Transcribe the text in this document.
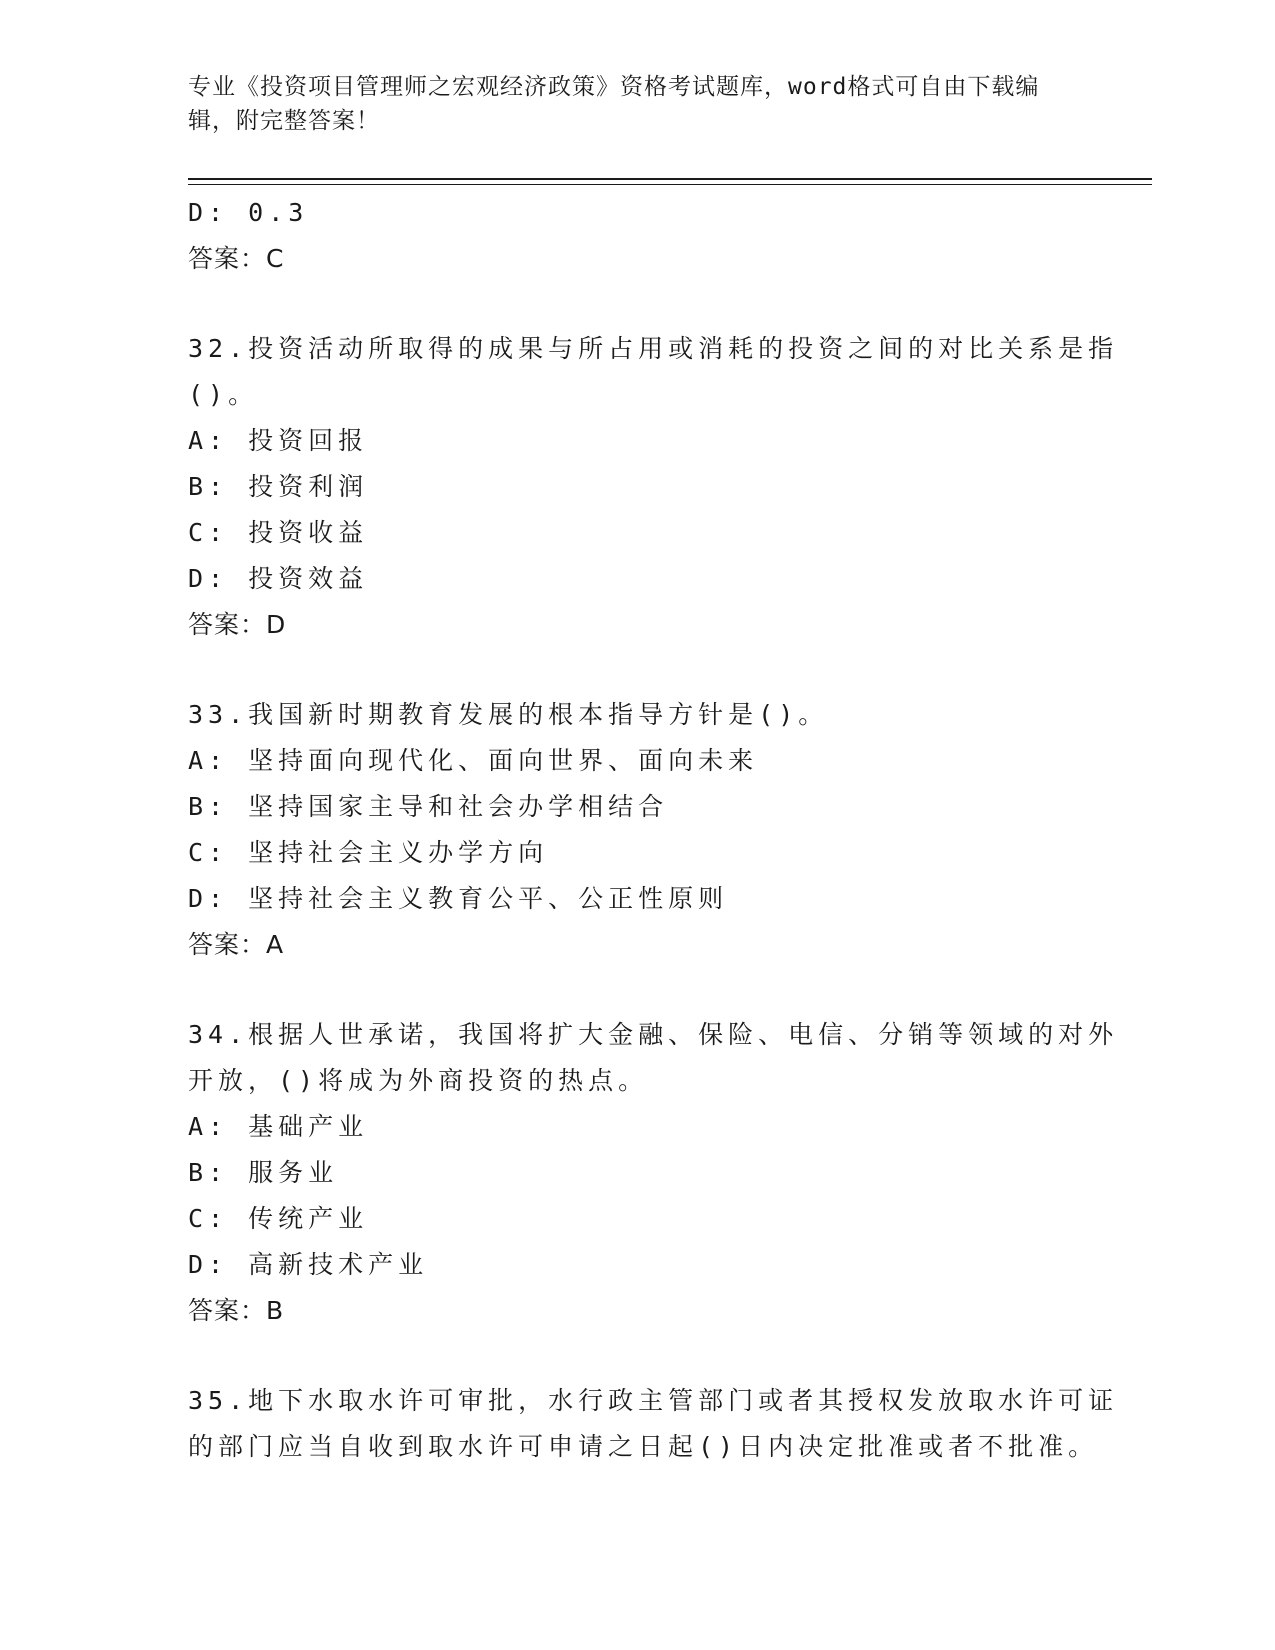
专业《投资项目管理师之宏观经济政策》资格考试题库，word格式可自由下载编
辑，附完整答案！
D: 0.3
答案：C
32.投资活动所取得的成果与所占用或消耗的投资之间的对比关系是指
()。
A: 投资回报
B: 投资利润
C: 投资收益
D: 投资效益
答案：D
33.我国新时期教育发展的根本指导方针是()。
A: 坚持面向现代化、面向世界、面向未来
B: 坚持国家主导和社会办学相结合
C: 坚持社会主义办学方向
D: 坚持社会主义教育公平、公正性原则
答案：A
34.根据人世承诺，我国将扩大金融、保险、电信、分销等领域的对外
开放，()将成为外商投资的热点。
A: 基础产业
B: 服务业
C: 传统产业
D: 高新技术产业
答案：B
35.地下水取水许可审批，水行政主管部门或者其授权发放取水许可证
的部门应当自收到取水许可申请之日起()日内决定批准或者不批准。
